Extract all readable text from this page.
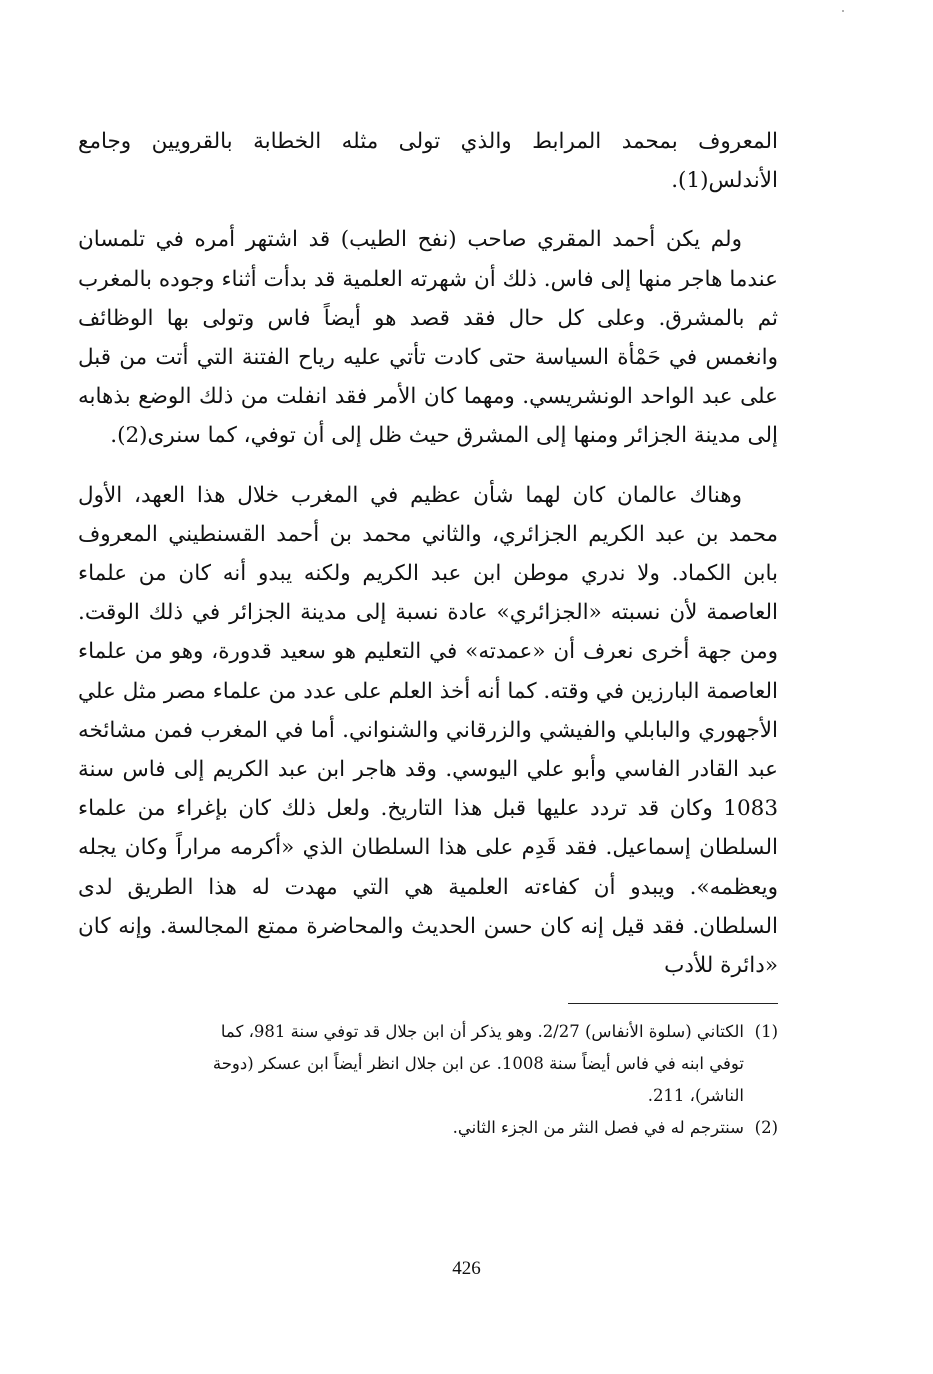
المعروف بمحمد المرابط والذي تولى مثله الخطابة بالقرويين وجامع الأندلس(1).

ولم يكن أحمد المقري صاحب (نفح الطيب) قد اشتهر أمره في تلمسان عندما هاجر منها إلى فاس. ذلك أن شهرته العلمية قد بدأت أثناء وجوده بالمغرب ثم بالمشرق. وعلى كل حال فقد قصد هو أيضاً فاس وتولى بها الوظائف وانغمس في حَمْأة السياسة حتى كادت تأتي عليه رياح الفتنة التي أتت من قبل على عبد الواحد الونشريسي. ومهما كان الأمر فقد انفلت من ذلك الوضع بذهابه إلى مدينة الجزائر ومنها إلى المشرق حيث ظل إلى أن توفي، كما سنرى(2).

وهناك عالمان كان لهما شأن عظيم في المغرب خلال هذا العهد، الأول محمد بن عبد الكريم الجزائري، والثاني محمد بن أحمد القسنطيني المعروف بابن الكماد. ولا ندري موطن ابن عبد الكريم ولكنه يبدو أنه كان من علماء العاصمة لأن نسبته «الجزائري» عادة نسبة إلى مدينة الجزائر في ذلك الوقت. ومن جهة أخرى نعرف أن «عمدته» في التعليم هو سعيد قدورة، وهو من علماء العاصمة البارزين في وقته. كما أنه أخذ العلم على عدد من علماء مصر مثل علي الأجهوري والبابلي والفيشي والزرقاني والشنواني. أما في المغرب فمن مشائخه عبد القادر الفاسي وأبو علي اليوسي. وقد هاجر ابن عبد الكريم إلى فاس سنة 1083 وكان قد تردد عليها قبل هذا التاريخ. ولعل ذلك كان بإغراء من علماء السلطان إسماعيل. فقد قَدِم على هذا السلطان الذي «أكرمه مراراً وكان يجله ويعظمه». ويبدو أن كفاءته العلمية هي التي مهدت له هذا الطريق لدى السلطان. فقد قيل إنه كان حسن الحديث والمحاضرة ممتع المجالسة. وإنه كان «دائرة للأدب

(1)الكتاني (سلوة الأنفاس) 2/27. وهو يذكر أن ابن جلال قد توفي سنة 981، كما

توفي ابنه في فاس أيضاً سنة 1008. عن ابن جلال انظر أيضاً ابن عسكر (دوحة

الناشر)، 211.

(2)سنترجم له في فصل النثر من الجزء الثاني.

426
